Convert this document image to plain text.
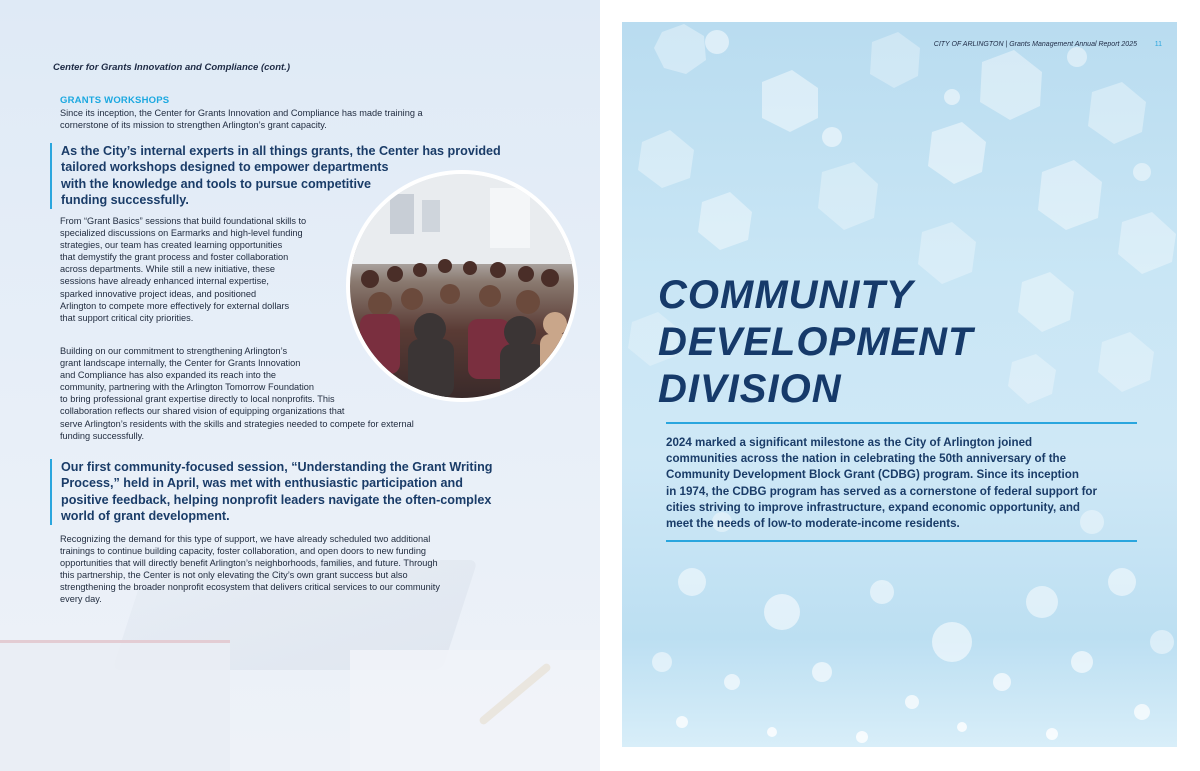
Center for Grants Innovation and Compliance (cont.)
GRANTS WORKSHOPS
Since its inception, the Center for Grants Innovation and Compliance has made training a
cornerstone of its mission to strengthen Arlington’s grant capacity.
As the City’s internal experts in all things grants, the Center has provided
tailored workshops designed to empower departments
with the knowledge and tools to pursue competitive
funding successfully.
From “Grant Basics” sessions that build foundational skills to
specialized discussions on Earmarks and high-level funding
strategies, our team has created learning opportunities
that demystify the grant process and foster collaboration
across departments. While still a new initiative, these
sessions have already enhanced internal expertise,
sparked innovative project ideas, and positioned
Arlington to compete more effectively for external dollars
that support critical city priorities.
Building on our commitment to strengthening Arlington’s
grant landscape internally, the Center for Grants Innovation
and Compliance has also expanded its reach into the
community, partnering with the Arlington Tomorrow Foundation
to bring professional grant expertise directly to local nonprofits. This
collaboration reflects our shared vision of equipping organizations that
serve Arlington’s residents with the skills and strategies needed to compete for external
funding successfully.
Our first community-focused session, “Understanding the Grant Writing
Process,” held in April, was met with enthusiastic participation and
positive feedback, helping nonprofit leaders navigate the often-complex
world of grant development.
Recognizing the demand for this type of support, we have already scheduled two additional
trainings to continue building capacity, foster collaboration, and open doors to new funding
opportunities that will directly benefit Arlington’s neighborhoods, families, and future. Through
this partnership, the Center is not only elevating the City’s own grant success but also
strengthening the broader nonprofit ecosystem that delivers critical services to our community
every day.
CITY OF ARLINGTON | Grants Management Annual Report 2025	11
COMMUNITY
DEVELOPMENT
DIVISION
2024 marked a significant milestone as the City of Arlington joined
communities across the nation in celebrating the 50th anniversary of the
Community Development Block Grant (CDBG) program. Since its inception
in 1974, the CDBG program has served as a cornerstone of federal support for
cities striving to improve infrastructure, expand economic opportunity, and
meet the needs of low-to moderate-income residents.
